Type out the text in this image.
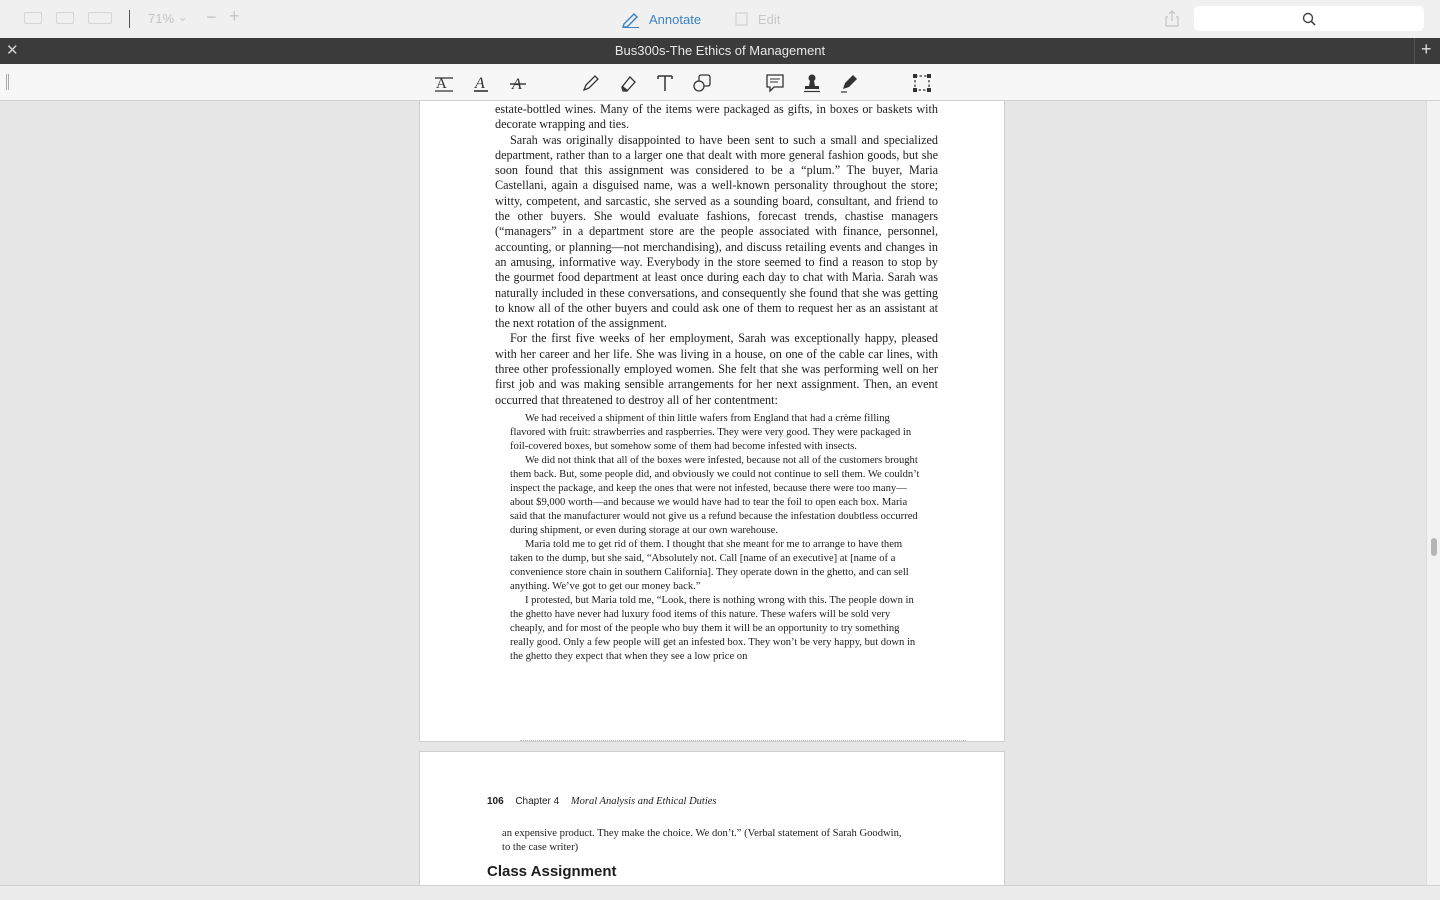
71% ⌄ − +	Annotate	Edit
✕	Bus300s-The Ethics of Management	+
A A A

estate-bottled wines. Many of the items were packaged as gifts, in boxes or baskets with decorate wrapping and ties.

Sarah was originally disappointed to have been sent to such a small and specialized department, rather than to a larger one that dealt with more general fashion goods, but she soon found that this assignment was considered to be a “plum.” The buyer, Maria Castellani, again a disguised name, was a well-known personality throughout the store; witty, competent, and sarcastic, she served as a sounding board, consultant, and friend to the other buyers. She would evaluate fashions, forecast trends, chastise managers (“managers” in a department store are the people associated with finance, personnel, accounting, or planning—not merchandising), and discuss retailing events and changes in an amusing, informative way. Everybody in the store seemed to find a reason to stop by the gourmet food department at least once during each day to chat with Maria. Sarah was naturally included in these conversations, and consequently she found that she was getting to know all of the other buyers and could ask one of them to request her as an assistant at the next rotation of the assignment.

For the first five weeks of her employment, Sarah was exceptionally happy, pleased with her career and her life. She was living in a house, on one of the cable car lines, with three other professionally employed women. She felt that she was performing well on her first job and was making sensible arrangements for her next assignment. Then, an event occurred that threatened to destroy all of her contentment:

We had received a shipment of thin little wafers from England that had a crème filling flavored with fruit: strawberries and raspberries. They were very good. They were packaged in foil-covered boxes, but somehow some of them had become infested with insects.

We did not think that all of the boxes were infested, because not all of the customers brought them back. But, some people did, and obviously we could not continue to sell them. We couldn’t inspect the package, and keep the ones that were not infested, because there were too many—about $9,000 worth—and because we would have had to tear the foil to open each box. Maria said that the manufacturer would not give us a refund because the infestation doubtless occurred during shipment, or even during storage at our own warehouse.

Maria told me to get rid of them. I thought that she meant for me to arrange to have them taken to the dump, but she said, “Absolutely not. Call [name of an executive] at [name of a convenience store chain in southern California]. They operate down in the ghetto, and can sell anything. We’ve got to get our money back.”

I protested, but Maria told me, “Look, there is nothing wrong with this. The people down in the ghetto have never had luxury food items of this nature. These wafers will be sold very cheaply, and for most of the people who buy them it will be an opportunity to try something really good. Only a few people will get an infested box. They won’t be very happy, but down in the ghetto they expect that when they see a low price on

106 Chapter 4 Moral Analysis and Ethical Duties
an expensive product. They make the choice. We don’t.” (Verbal statement of Sarah Goodwin, to the case writer)
Class Assignment
